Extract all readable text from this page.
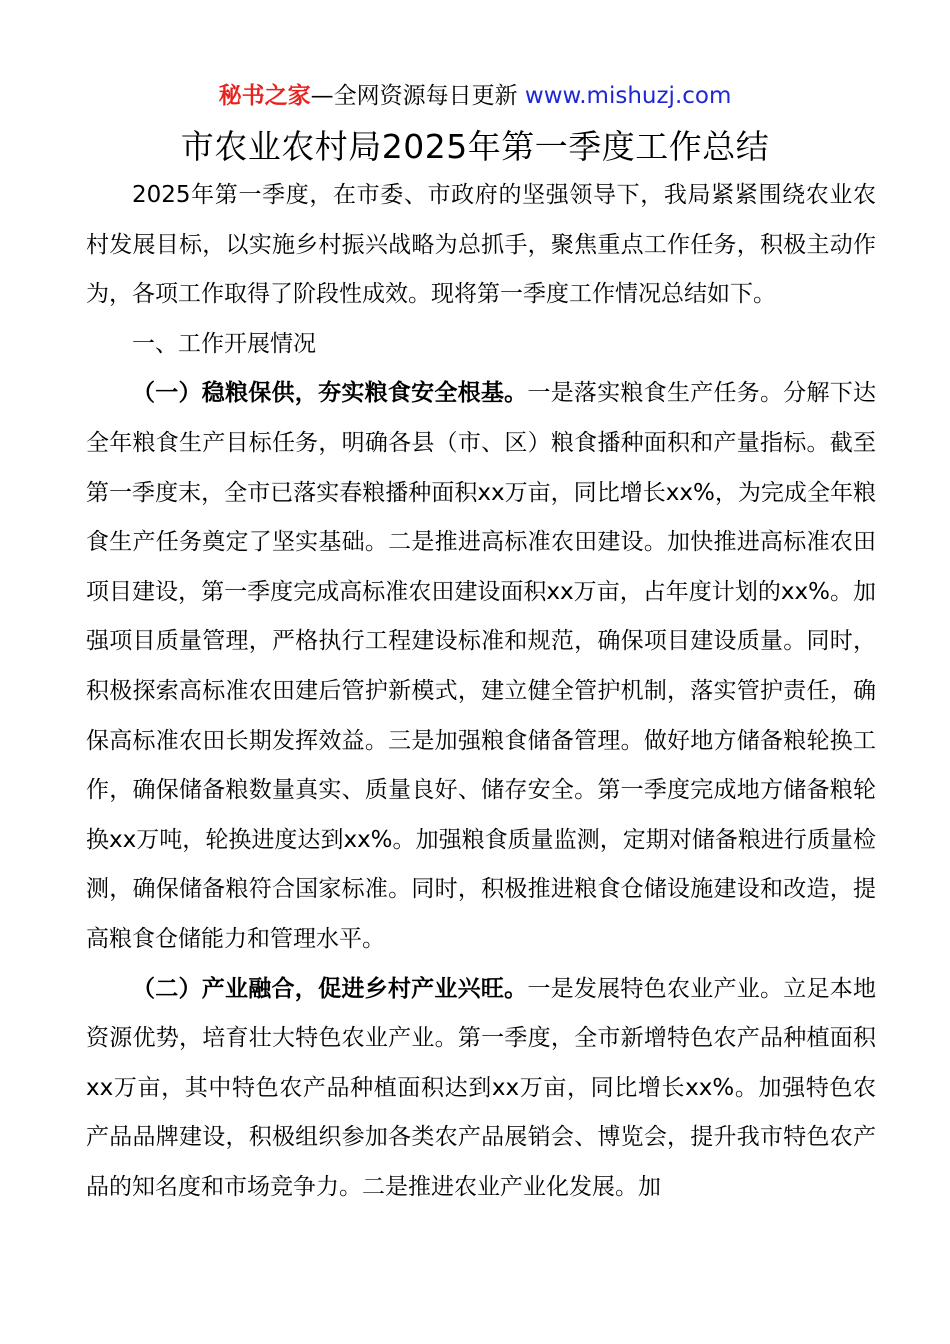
秘书之家—全网资源每日更新 www.mishuzj.com
市农业农村局2025年第一季度工作总结

2025年第一季度，在市委、市政府的坚强领导下，我局紧紧围绕农业农村发展目标，以实施乡村振兴战略为总抓手，聚焦重点工作任务，积极主动作为，各项工作取得了阶段性成效。现将第一季度工作情况总结如下。

一、工作开展情况

（一）稳粮保供，夯实粮食安全根基。一是落实粮食生产任务。分解下达全年粮食生产目标任务，明确各县（市、区）粮食播种面积和产量指标。截至第一季度末，全市已落实春粮播种面积xx万亩，同比增长xx%，为完成全年粮食生产任务奠定了坚实基础。二是推进高标准农田建设。加快推进高标准农田项目建设，第一季度完成高标准农田建设面积xx万亩，占年度计划的xx%。加强项目质量管理，严格执行工程建设标准和规范，确保项目建设质量。同时，积极探索高标准农田建后管护新模式，建立健全管护机制，落实管护责任，确保高标准农田长期发挥效益。三是加强粮食储备管理。做好地方储备粮轮换工作，确保储备粮数量真实、质量良好、储存安全。第一季度完成地方储备粮轮换xx万吨，轮换进度达到xx%。加强粮食质量监测，定期对储备粮进行质量检测，确保储备粮符合国家标准。同时，积极推进粮食仓储设施建设和改造，提高粮食仓储能力和管理水平。

（二）产业融合，促进乡村产业兴旺。一是发展特色农业产业。立足本地资源优势，培育壮大特色农业产业。第一季度，全市新增特色农产品种植面积xx万亩，其中特色农产品种植面积达到xx万亩，同比增长xx%。加强特色农产品品牌建设，积极组织参加各类农产品展销会、博览会，提升我市特色农产品的知名度和市场竞争力。二是推进农业产业化发展。加
